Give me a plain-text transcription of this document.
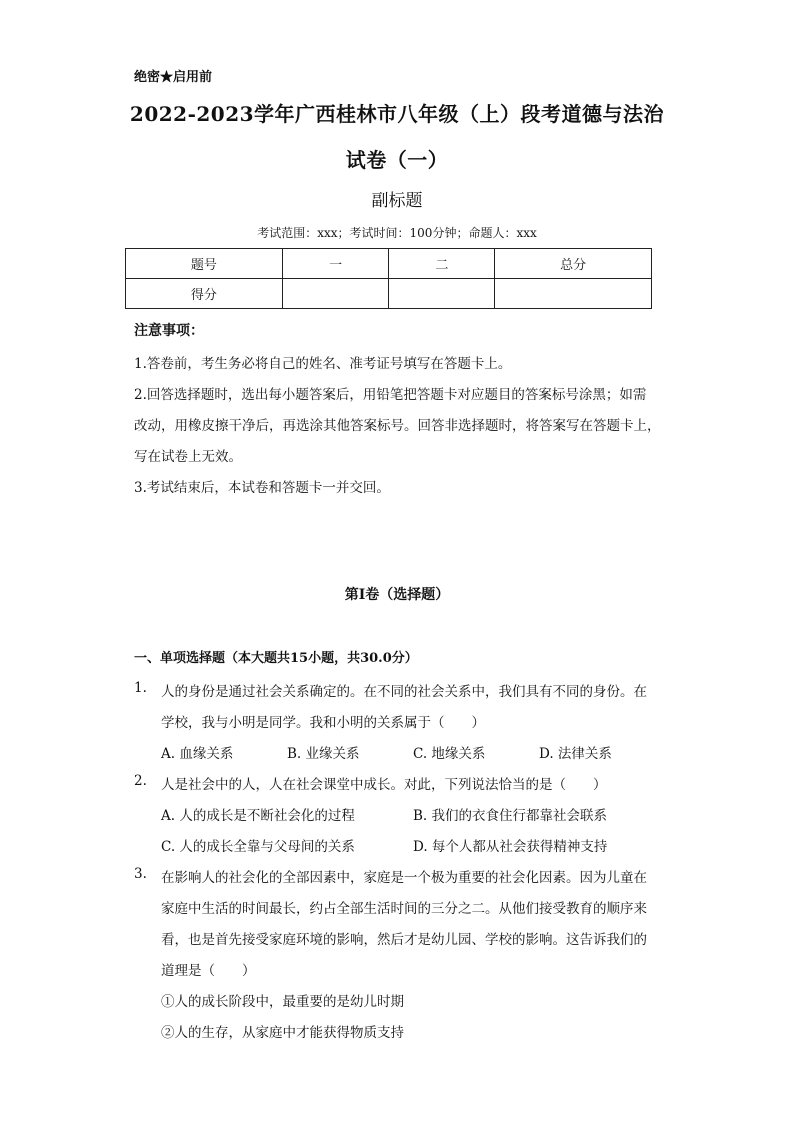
绝密★启用前
2022-2023学年广西桂林市八年级（上）段考道德与法治
试卷（一）
副标题
考试范围：xxx；考试时间：100分钟；命题人：xxx
题号	一	二	总分
得分			
注意事项：
1.答卷前，考生务必将自己的姓名、准考证号填写在答题卡上。
2.回答选择题时，选出每小题答案后，用铅笔把答题卡对应题目的答案标号涂黑；如需
改动，用橡皮擦干净后，再选涂其他答案标号。回答非选择题时，将答案写在答题卡上，
写在试卷上无效。
3.考试结束后，本试卷和答题卡一并交回。
第I卷（选择题）
一、单项选择题（本大题共15小题，共30.0分）
1. 人的身份是通过社会关系确定的。在不同的社会关系中，我们具有不同的身份。在
学校，我与小明是同学。我和小明的关系属于（　　）
A. 血缘关系	B. 业缘关系	C. 地缘关系	D. 法律关系
2. 人是社会中的人，人在社会课堂中成长。对此，下列说法恰当的是（　　）
A. 人的成长是不断社会化的过程	B. 我们的衣食住行都靠社会联系
C. 人的成长全靠与父母间的关系	D. 每个人都从社会获得精神支持
3. 在影响人的社会化的全部因素中，家庭是一个极为重要的社会化因素。因为儿童在
家庭中生活的时间最长，约占全部生活时间的三分之二。从他们接受教育的顺序来
看，也是首先接受家庭环境的影响，然后才是幼儿园、学校的影响。这告诉我们的
道理是（　　）
①人的成长阶段中，最重要的是幼儿时期
②人的生存，从家庭中才能获得物质支持
